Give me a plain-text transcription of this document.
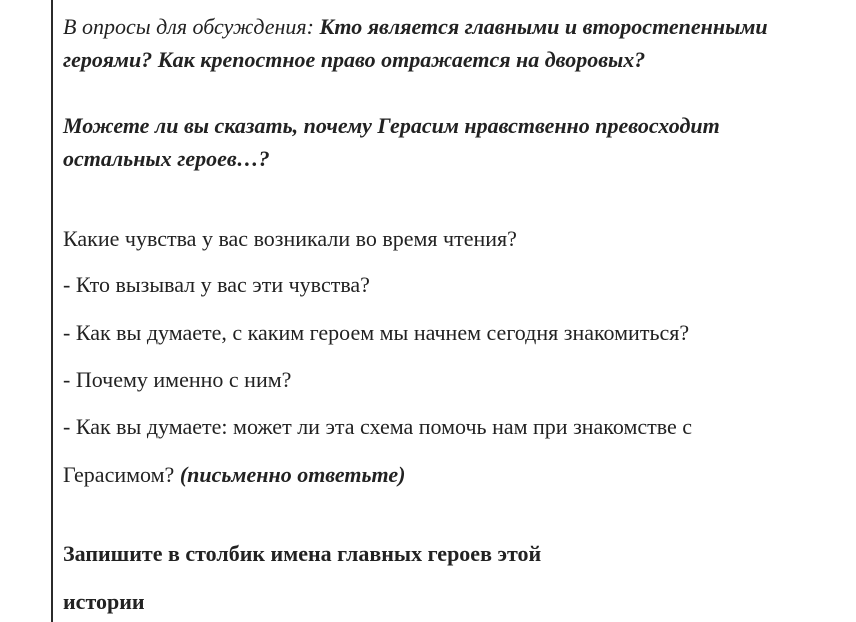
В опросы для обсуждения: Кто является главными и второстепенными
героями? Как крепостное право отражается на дворовых?
Можете ли вы сказать, почему Герасим нравственно превосходит
остальных героев…?
Какие чувства у вас возникали во время чтения?
- Кто вызывал у вас эти чувства?
- Как вы думаете, с каким героем мы начнем сегодня знакомиться?
- Почему именно с ним?
- Как вы думаете: может ли эта схема помочь нам при знакомстве с
Герасимом? (письменно ответьте)
Запишите в столбик имена главных героев этой
истории
